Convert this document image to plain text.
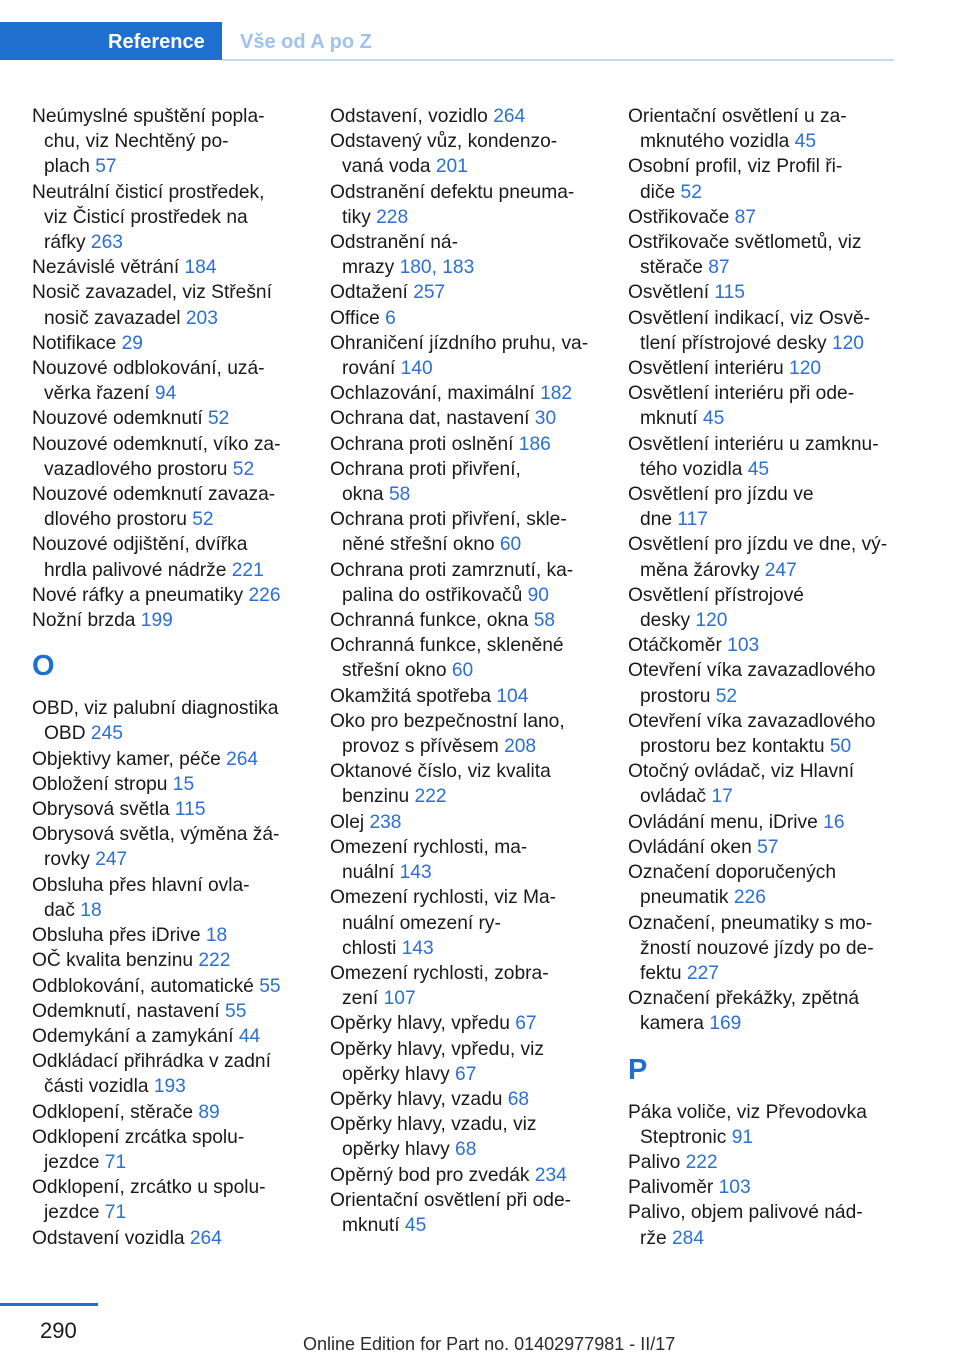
Reference	Vše od A po Z
Neúmyslné spuštění popla-
chu, viz Nechtěný po-
plach 57
Neutrální čisticí prostředek,
viz Čisticí prostředek na
ráfky 263
Nezávislé větrání 184
Nosič zavazadel, viz Střešní
nosič zavazadel 203
Notifikace 29
Nouzové odblokování, uzá-
věrka řazení 94
Nouzové odemknutí 52
Nouzové odemknutí, víko za-
vazadlového prostoru 52
Nouzové odemknutí zavaza-
dlového prostoru 52
Nouzové odjištění, dvířka
hrdla palivové nádrže 221
Nové ráfky a pneumatiky 226
Nožní brzda 199
O
OBD, viz palubní diagnostika
OBD 245
Objektivy kamer, péče 264
Obložení stropu 15
Obrysová světla 115
Obrysová světla, výměna žá-
rovky 247
Obsluha přes hlavní ovla-
dač 18
Obsluha přes iDrive 18
OČ kvalita benzinu 222
Odblokování, automatické 55
Odemknutí, nastavení 55
Odemykání a zamykání 44
Odkládací přihrádka v zadní
části vozidla 193
Odklopení, stěrače 89
Odklopení zrcátka spolu-
jezdce 71
Odklopení, zrcátko u spolu-
jezdce 71
Odstavení vozidla 264
Odstavení, vozidlo 264
Odstavený vůz, kondenzo-
vaná voda 201
Odstranění defektu pneuma-
tiky 228
Odstranění ná-
mrazy 180, 183
Odtažení 257
Office 6
Ohraničení jízdního pruhu, va-
rování 140
Ochlazování, maximální 182
Ochrana dat, nastavení 30
Ochrana proti oslnění 186
Ochrana proti přivření,
okna 58
Ochrana proti přivření, skle-
něné střešní okno 60
Ochrana proti zamrznutí, ka-
palina do ostřikovačů 90
Ochranná funkce, okna 58
Ochranná funkce, skleněné
střešní okno 60
Okamžitá spotřeba 104
Oko pro bezpečnostní lano,
provoz s přívěsem 208
Oktanové číslo, viz kvalita
benzinu 222
Olej 238
Omezení rychlosti, ma-
nuální 143
Omezení rychlosti, viz Ma-
nuální omezení ry-
chlosti 143
Omezení rychlosti, zobra-
zení 107
Opěrky hlavy, vpředu 67
Opěrky hlavy, vpředu, viz
opěrky hlavy 67
Opěrky hlavy, vzadu 68
Opěrky hlavy, vzadu, viz
opěrky hlavy 68
Opěrný bod pro zvedák 234
Orientační osvětlení při ode-
mknutí 45
Orientační osvětlení u za-
mknutého vozidla 45
Osobní profil, viz Profil ři-
diče 52
Ostřikovače 87
Ostřikovače světlometů, viz
stěrače 87
Osvětlení 115
Osvětlení indikací, viz Osvě-
tlení přístrojové desky 120
Osvětlení interiéru 120
Osvětlení interiéru při ode-
mknutí 45
Osvětlení interiéru u zamknu-
tého vozidla 45
Osvětlení pro jízdu ve
dne 117
Osvětlení pro jízdu ve dne, vý-
měna žárovky 247
Osvětlení přístrojové
desky 120
Otáčkoměr 103
Otevření víka zavazadlového
prostoru 52
Otevření víka zavazadlového
prostoru bez kontaktu 50
Otočný ovládač, viz Hlavní
ovládač 17
Ovládání menu, iDrive 16
Ovládání oken 57
Označení doporučených
pneumatik 226
Označení, pneumatiky s mo-
žností nouzové jízdy po de-
fektu 227
Označení překážky, zpětná
kamera 169
P
Páka voliče, viz Převodovka
Steptronic 91
Palivo 222
Palivoměr 103
Palivo, objem palivové nád-
rže 284
290
Online Edition for Part no. 01402977981 - II/17
